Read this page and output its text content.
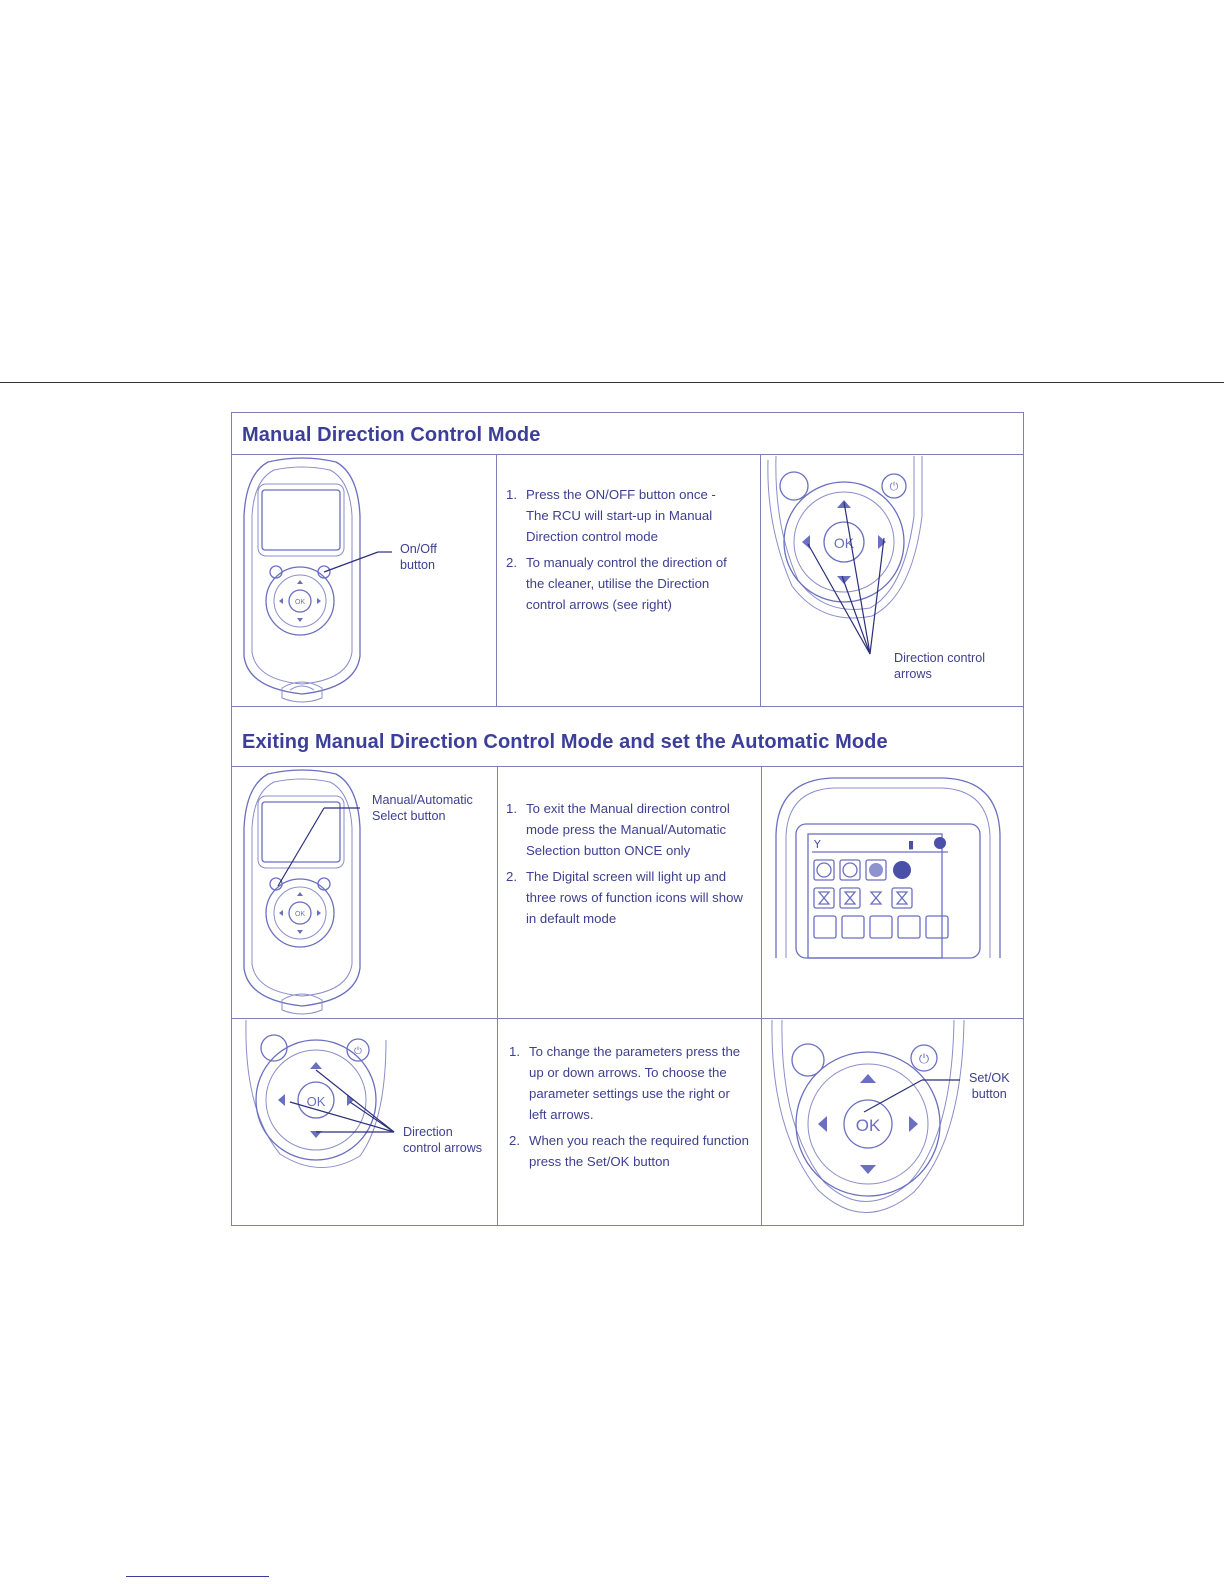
Manual Direction Control Mode
OK
On/Off
button
1. Press the ON/OFF button once -
The RCU will start-up in Manual
Direction control mode
2. To manualy control the direction of
the cleaner, utilise the Direction
control arrows (see right)
OK
⏻
Direction control
arrows
Exiting Manual Direction Control Mode and set the Automatic Mode
OK
Manual/Automatic
Select button	1. To exit the Manual direction control
mode press the Manual/Automatic
Selection button ONCE only
2. The Digital screen will light up and
three rows of function icons will show
in default mode
Y	▮
OK
⏻
Direction
control arrows
1. To change the parameters press the
up or down arrows. To choose the
parameter settings use the right or
left arrows.
2. When you reach the required function
press the Set/OK button
OK
⏻
Set/OK
button
